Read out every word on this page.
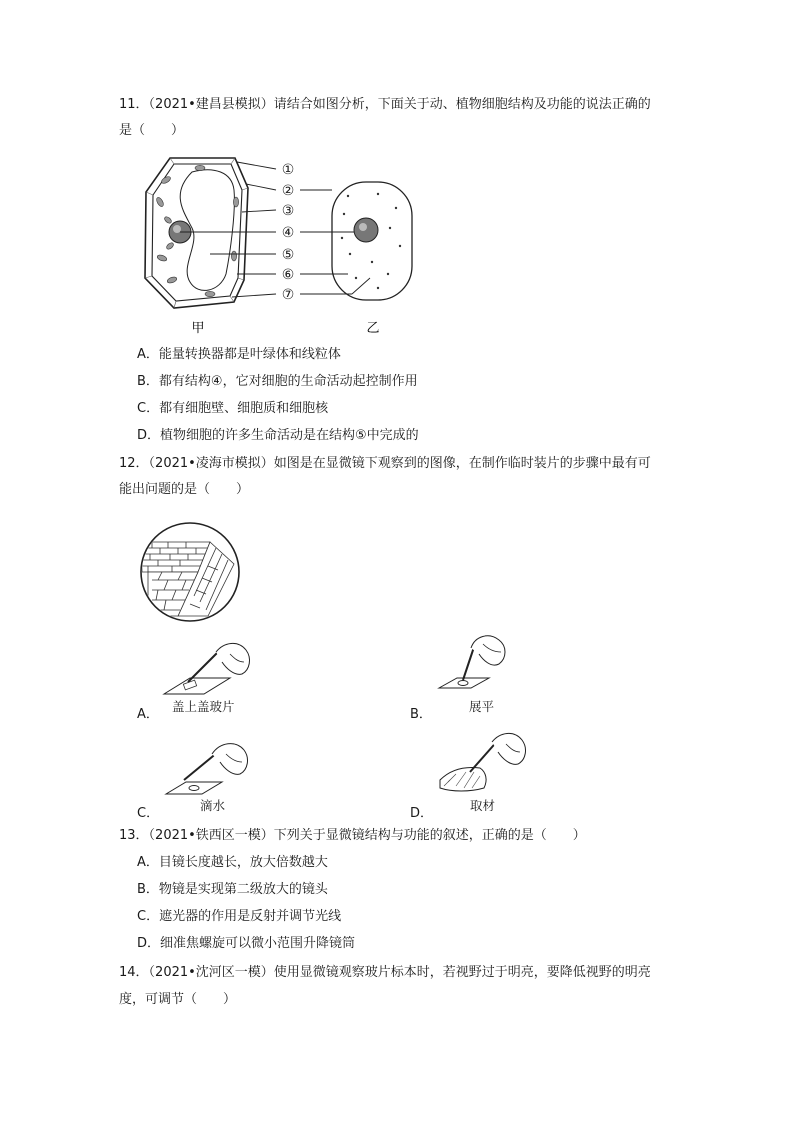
11．（2021•建昌县模拟）请结合如图分析，下面关于动、植物细胞结构及功能的说法正确的
是（　　）
①
②
③
④
⑤
⑥
⑦
甲	乙
A．能量转换器都是叶绿体和线粒体
B．都有结构④，它对细胞的生命活动起控制作用
C．都有细胞壁、细胞质和细胞核
D．植物细胞的许多生命活动是在结构⑤中完成的
12．（2021•凌海市模拟）如图是在显微镜下观察到的图像，在制作临时装片的步骤中最有可
能出问题的是（　　）
A．
盖上盖玻片
B．
展平
C．
滴水
D．
取材
13．（2021•铁西区一模）下列关于显微镜结构与功能的叙述，正确的是（　　）
A．目镜长度越长，放大倍数越大
B．物镜是实现第二级放大的镜头
C．遮光器的作用是反射并调节光线
D．细准焦螺旋可以微小范围升降镜筒
14．（2021•沈河区一模）使用显微镜观察玻片标本时，若视野过于明亮，要降低视野的明亮
度，可调节（　　）
